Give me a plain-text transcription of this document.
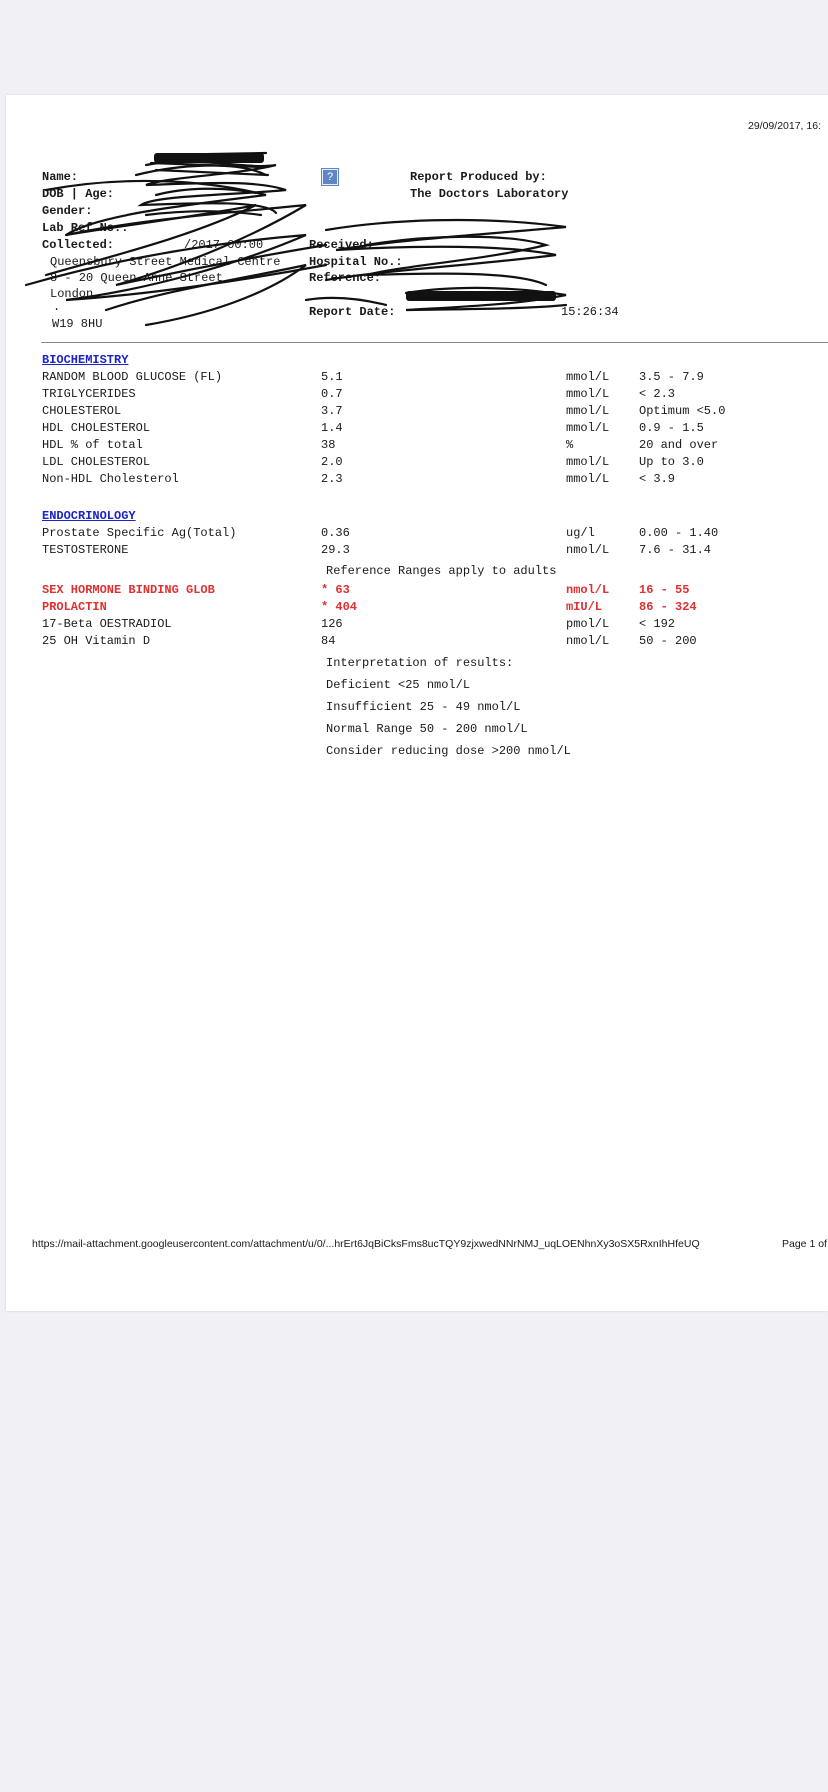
29/09/2017, 16:
Name:
DOB | Age:
Gender:
Lab Ref No.:
Collected:	/2017 00:00
Queensbury Street Medical Centre
8 - 20 Queen Anne Street
London
.
W19 8HU
Received:
Hospital No.:
Reference:
Report Date:	15:26:34
?	Report Produced by:
The Doctors Laboratory
BIOCHEMISTRY
RANDOM BLOOD GLUCOSE (FL)	5.1	mmol/L 3.5 - 7.9
TRIGLYCERIDES	0.7	mmol/L < 2.3
CHOLESTEROL	3.7	mmol/L Optimum <5.0
HDL CHOLESTEROL	1.4	mmol/L 0.9 - 1.5
HDL % of total	38	%	20 and over
LDL CHOLESTEROL	2.0	mmol/L Up to 3.0
Non-HDL Cholesterol	2.3	mmol/L < 3.9
ENDOCRINOLOGY
Prostate Specific Ag(Total)	0.36	ug/l	0.00 - 1.40
TESTOSTERONE	29.3	nmol/L 7.6 - 31.4
Reference Ranges apply to adults
SEX HORMONE BINDING GLOB	* 63	nmol/L 16 - 55
PROLACTIN	* 404	mIU/L	86 - 324
17-Beta OESTRADIOL	126	pmol/L < 192
25 OH Vitamin D	84	nmol/L 50 - 200
Interpretation of results:
Deficient <25 nmol/L
Insufficient 25 - 49 nmol/L
Normal Range 50 - 200 nmol/L
Consider reducing dose >200 nmol/L
https://mail-attachment.googleusercontent.com/attachment/u/0/...hrErt6JqBiCksFms8ucTQY9zjxwedNNrNMJ_uqLOENhnXy3oSX5RxnIhHfeUQ	Page 1 of
